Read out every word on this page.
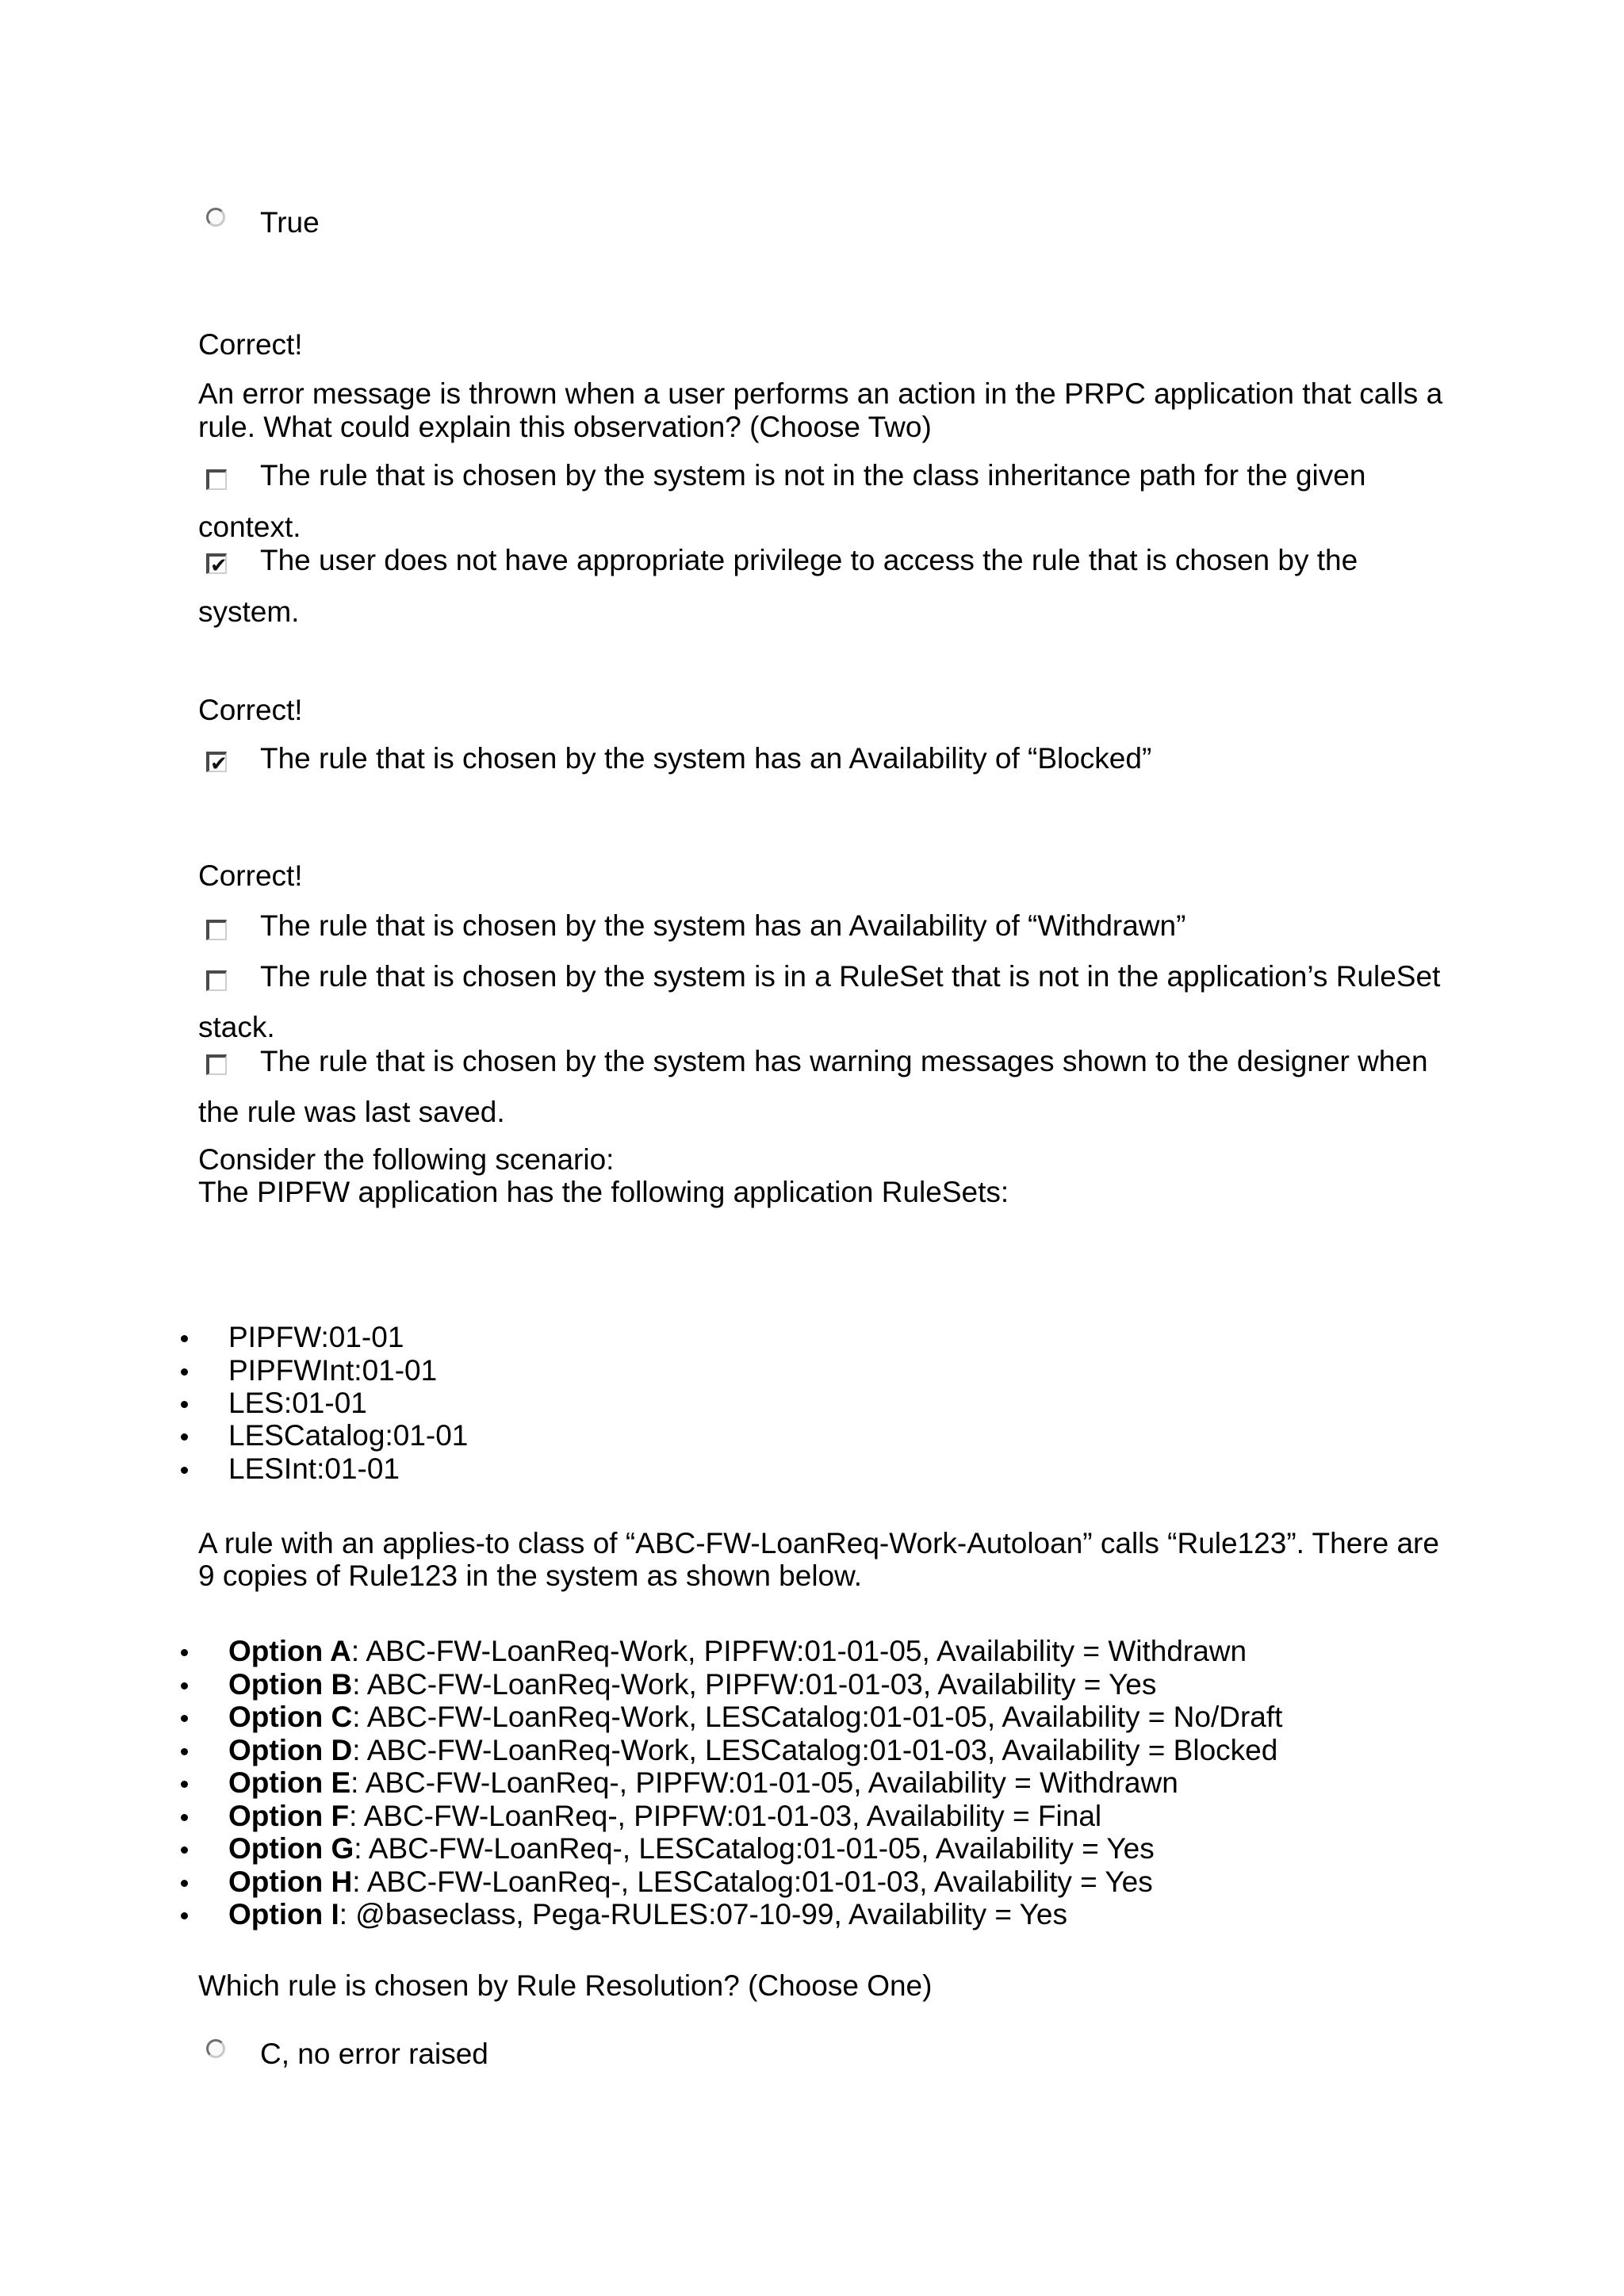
True
Correct!
An error message is thrown when a user performs an action in the PRPC application that calls a
rule. What could explain this observation? (Choose Two)
The rule that is chosen by the system is not in the class inheritance path for the given
context.
✔ The user does not have appropriate privilege to access the rule that is chosen by the
system.
Correct!
✔ The rule that is chosen by the system has an Availability of “Blocked”
Correct!
The rule that is chosen by the system has an Availability of “Withdrawn”
The rule that is chosen by the system is in a RuleSet that is not in the application’s RuleSet
stack.
The rule that is chosen by the system has warning messages shown to the designer when
the rule was last saved.
Consider the following scenario:
The PIPFW application has the following application RuleSets:
PIPFW:01-01
PIPFWInt:01-01
LES:01-01
LESCatalog:01-01
LESInt:01-01
A rule with an applies-to class of “ABC-FW-LoanReq-Work-Autoloan” calls “Rule123”. There are
9 copies of Rule123 in the system as shown below.
Option A: ABC-FW-LoanReq-Work, PIPFW:01-01-05, Availability = Withdrawn
Option B: ABC-FW-LoanReq-Work, PIPFW:01-01-03, Availability = Yes
Option C: ABC-FW-LoanReq-Work, LESCatalog:01-01-05, Availability = No/Draft
Option D: ABC-FW-LoanReq-Work, LESCatalog:01-01-03, Availability = Blocked
Option E: ABC-FW-LoanReq-, PIPFW:01-01-05, Availability = Withdrawn
Option F: ABC-FW-LoanReq-, PIPFW:01-01-03, Availability = Final
Option G: ABC-FW-LoanReq-, LESCatalog:01-01-05, Availability = Yes
Option H: ABC-FW-LoanReq-, LESCatalog:01-01-03, Availability = Yes
Option I: @baseclass, Pega-RULES:07-10-99, Availability = Yes
Which rule is chosen by Rule Resolution? (Choose One)
C, no error raised
